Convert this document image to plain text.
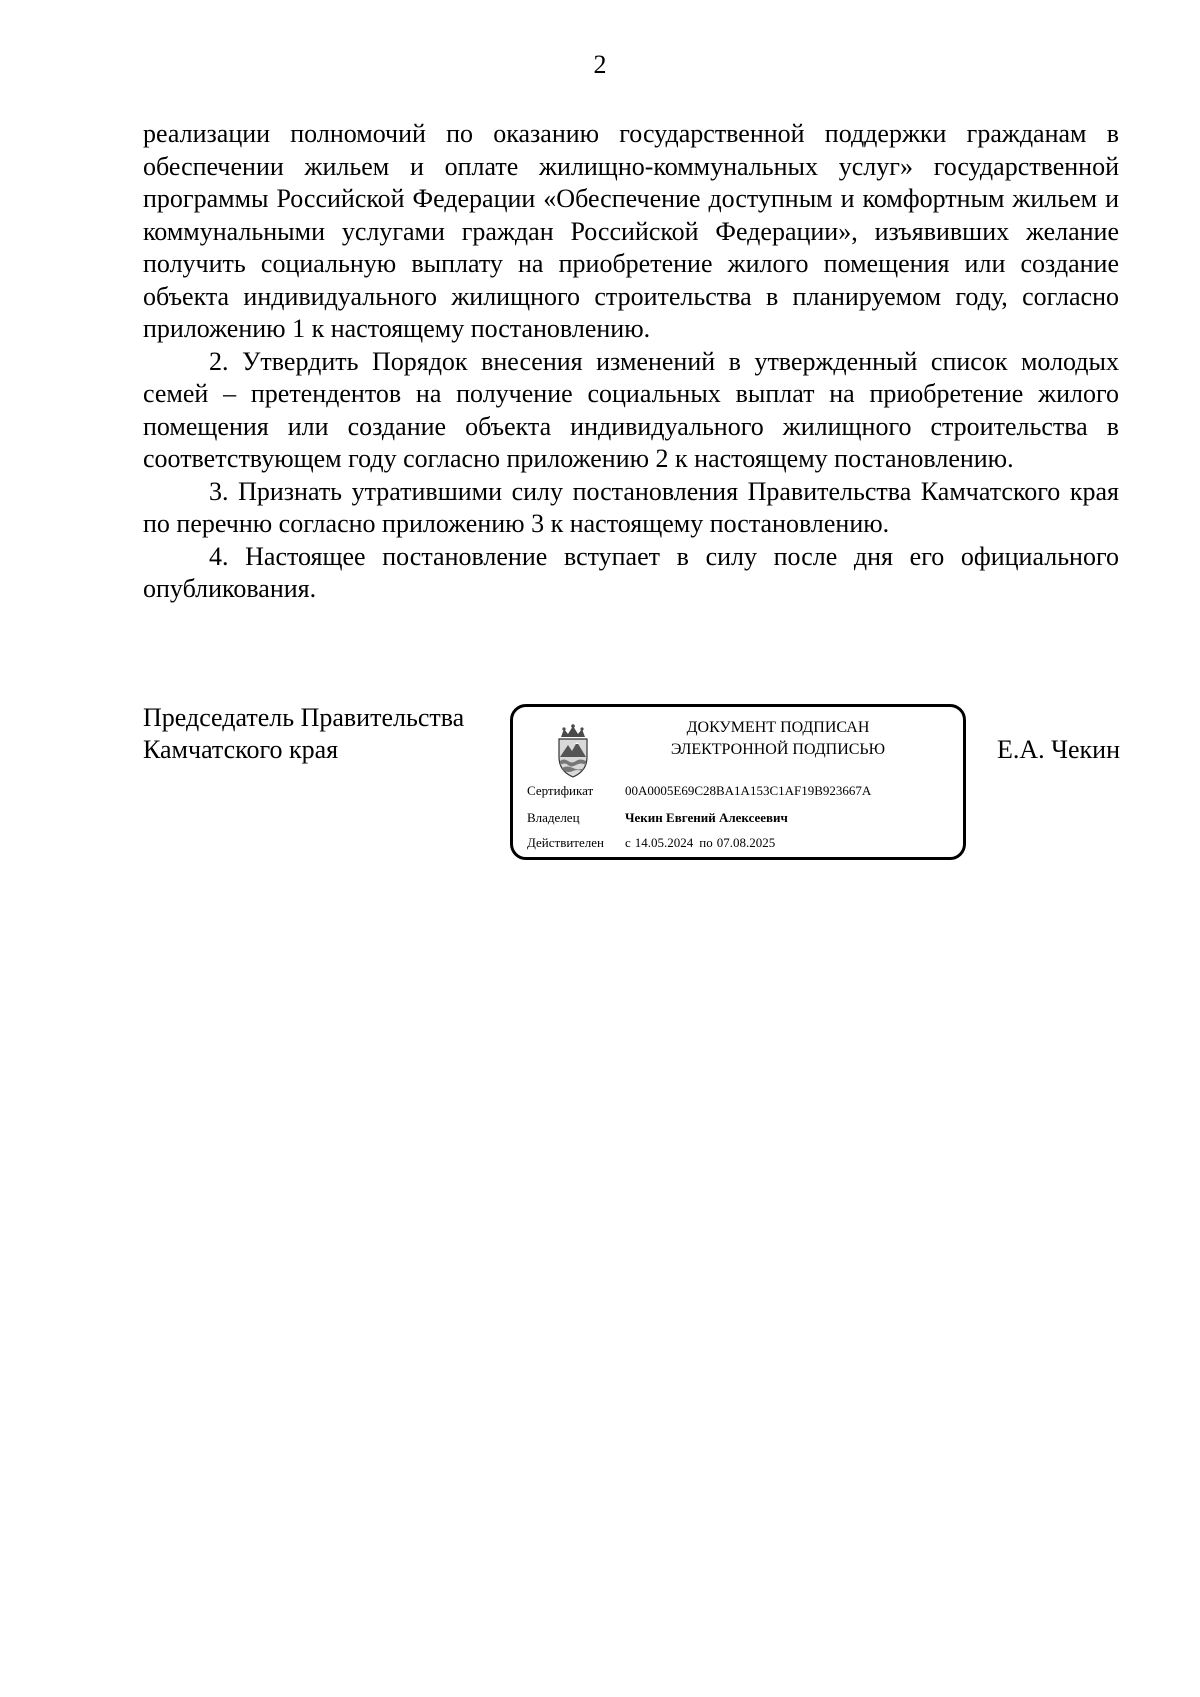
2

реализации полномочий по оказанию государственной поддержки гражданам в обеспечении жильем и оплате жилищно-коммунальных услуг» государственной программы Российской Федерации «Обеспечение доступным и комфортным жильем и коммунальными услугами граждан Российской Федерации», изъявивших желание получить социальную выплату на приобретение жилого помещения или создание объекта индивидуального жилищного строительства в планируемом году, согласно приложению 1 к настоящему постановлению.

2. Утвердить Порядок внесения изменений в утвержденный список молодых семей – претендентов на получение социальных выплат на приобретение жилого помещения или создание объекта индивидуального жилищного строительства в соответствующем году согласно приложению 2 к настоящему постановлению.

3. Признать утратившими силу постановления Правительства Камчатского края по перечню согласно приложению 3 к настоящему постановлению.

4. Настоящее постановление вступает в силу после дня его официального опубликования.

Председатель Правительства
Камчатского края
ДОКУМЕНТ ПОДПИСАН
ЭЛЕКТРОННОЙ ПОДПИСЬЮ
Сертификат 00A0005E69C28BA1A153C1AF19B923667A
Владелец	Чекин Евгений Алексеевич
Действителен с 14.05.2024 по 07.08.2025
Е.А. Чекин
